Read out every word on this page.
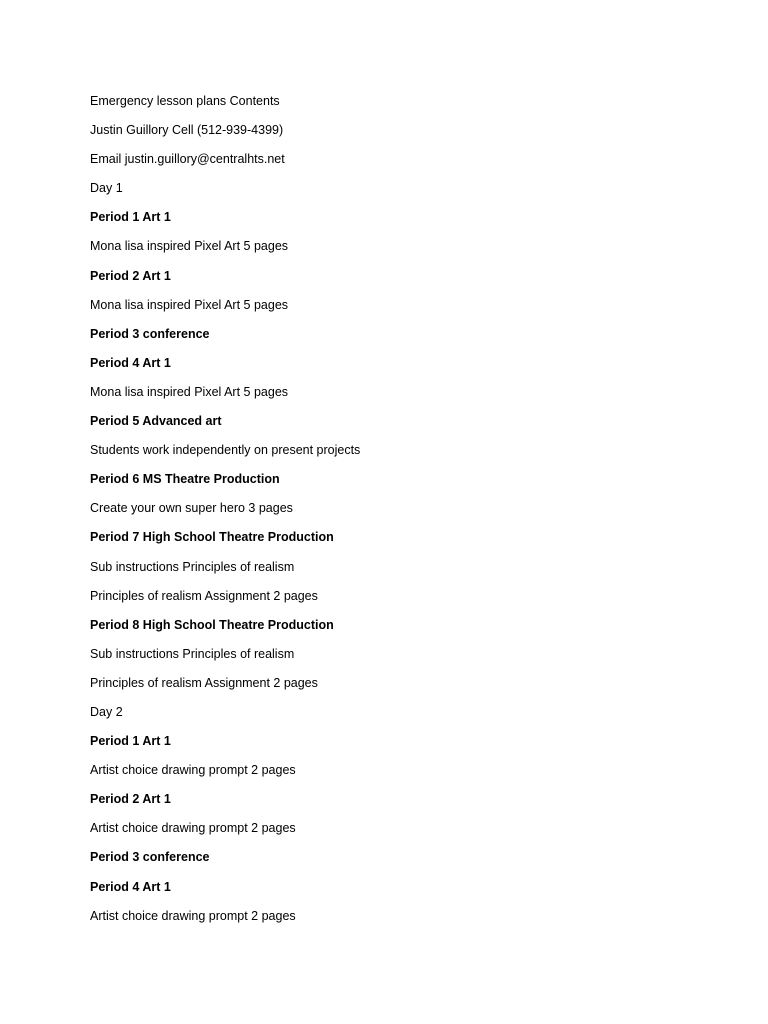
Emergency lesson plans Contents
Justin Guillory Cell (512-939-4399)
Email justin.guillory@centralhts.net
Day 1
Period 1 Art 1
Mona lisa inspired Pixel Art 5 pages
Period 2 Art 1
Mona lisa inspired Pixel Art 5 pages
Period 3 conference
Period 4 Art 1
Mona lisa inspired Pixel Art 5 pages
Period 5 Advanced art
Students work independently on present projects
Period 6 MS Theatre Production
Create your own super hero 3 pages
Period 7 High School Theatre Production
Sub instructions Principles of realism
Principles of realism Assignment 2 pages
Period 8 High School Theatre Production
Sub instructions Principles of realism
Principles of realism Assignment 2 pages
Day 2
Period 1 Art 1
Artist choice drawing prompt 2 pages
Period 2 Art 1
Artist choice drawing prompt 2 pages
Period 3 conference
Period 4 Art 1
Artist choice drawing prompt 2 pages
